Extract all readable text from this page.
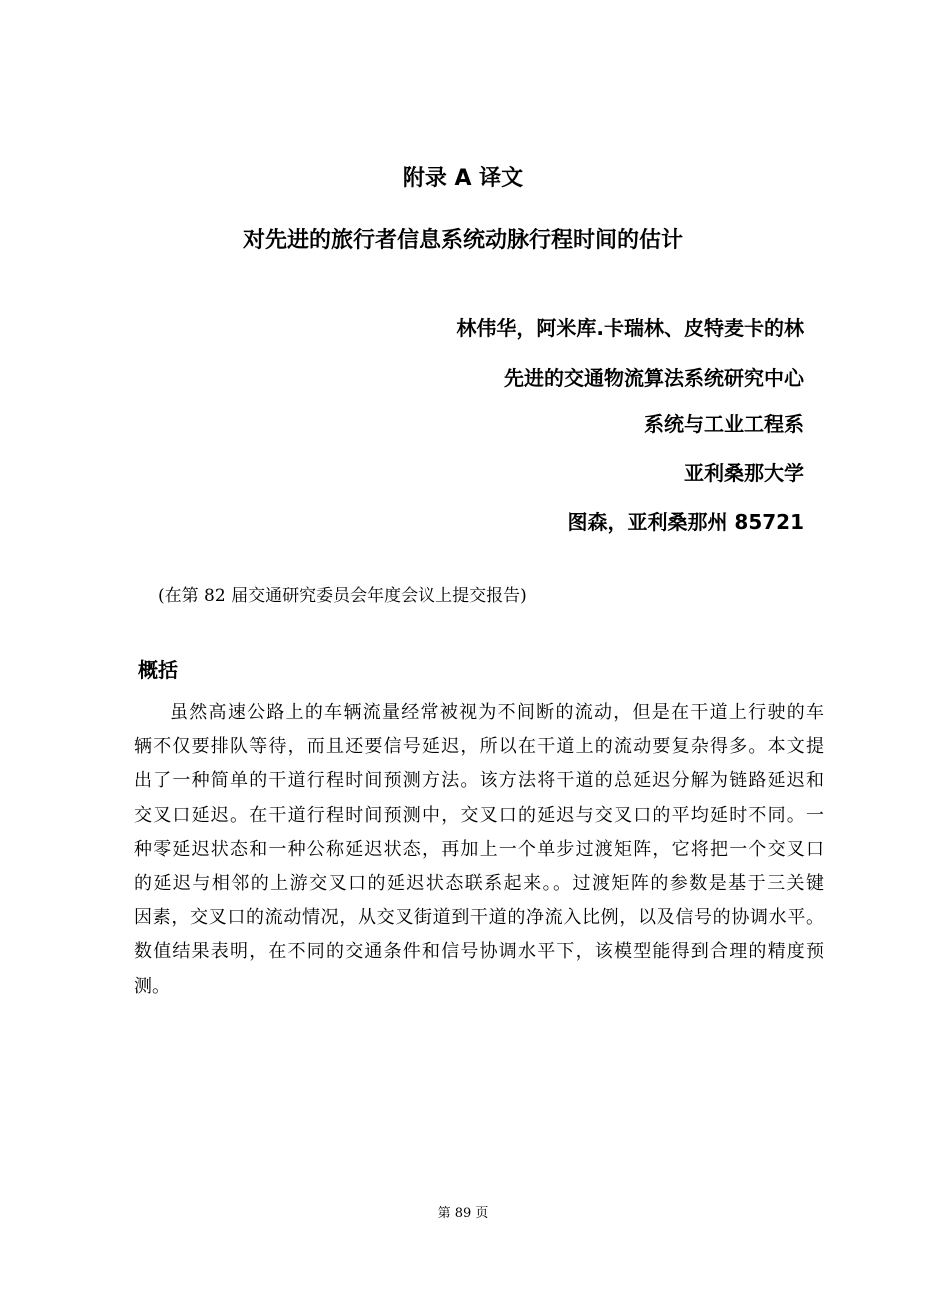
附录 A 译文
对先进的旅行者信息系统动脉行程时间的估计
林伟华，阿米库.卡瑞林、皮特麦卡的林
先进的交通物流算法系统研究中心
系统与工业工程系
亚利桑那大学
图森，亚利桑那州 85721
(在第 82 届交通研究委员会年度会议上提交报告)
概括
虽然高速公路上的车辆流量经常被视为不间断的流动，但是在干道上行驶的车
辆不仅要排队等待，而且还要信号延迟，所以在干道上的流动要复杂得多。本文提
出了一种简单的干道行程时间预测方法。该方法将干道的总延迟分解为链路延迟和
交叉口延迟。在干道行程时间预测中，交叉口的延迟与交叉口的平均延时不同。一
种零延迟状态和一种公称延迟状态，再加上一个单步过渡矩阵，它将把一个交叉口
的延迟与相邻的上游交叉口的延迟状态联系起来。。过渡矩阵的参数是基于三关键
因素，交叉口的流动情况，从交叉街道到干道的净流入比例，以及信号的协调水平。
数值结果表明，在不同的交通条件和信号协调水平下，该模型能得到合理的精度预
测。
第 89 页
